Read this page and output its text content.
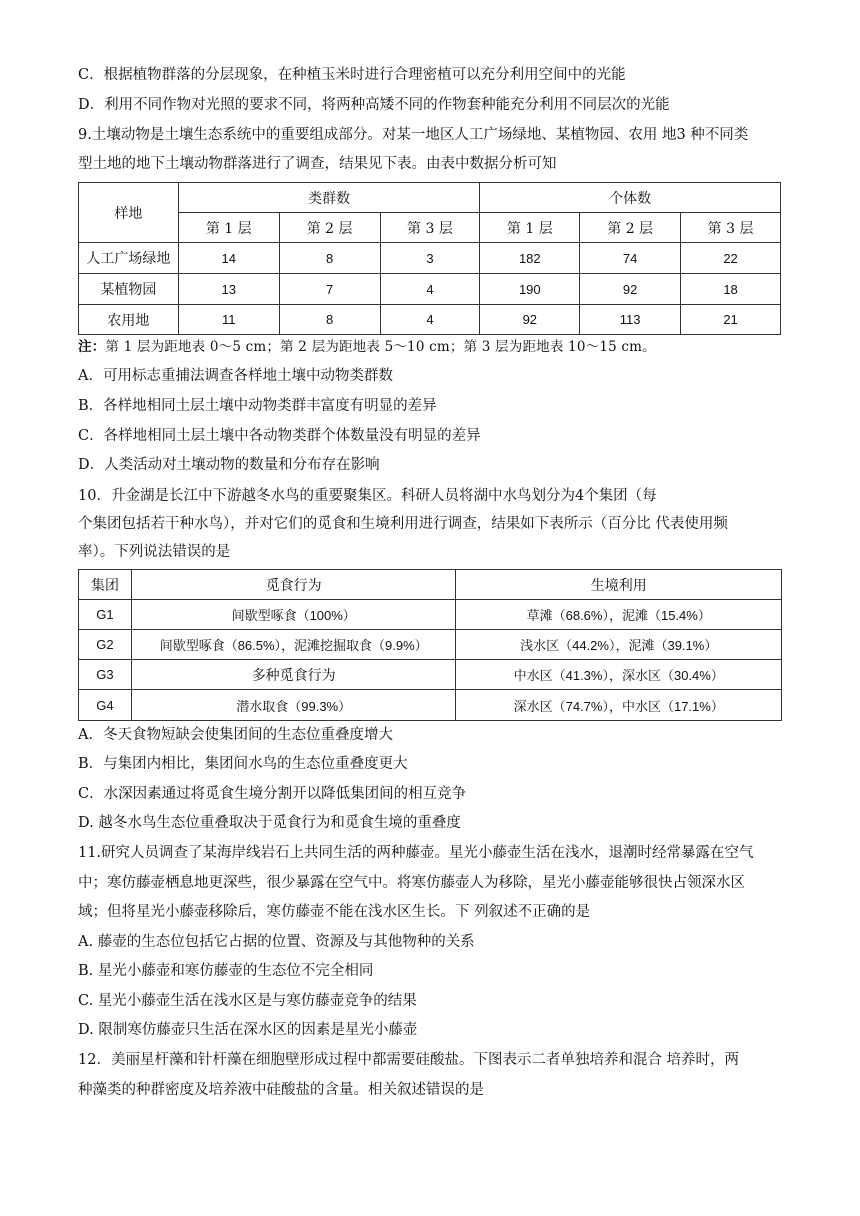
C．根据植物群落的分层现象，在种植玉米时进行合理密植可以充分利用空间中的光能
D．利用不同作物对光照的要求不同，将两种高矮不同的作物套种能充分利用不同层次的光能
9.土壤动物是土壤生态系统中的重要组成部分。对某一地区人工广场绿地、某植物园、农用 地3 种不同类
型土地的地下土壤动物群落进行了调查，结果见下表。由表中数据分析可知
样地	类群数			个体数		
	第 1 层	第 2 层	第 3 层	第 1 层	第 2 层	第 3 层
人工广场绿地	14	8	3	182	74	22
某植物园	13	7	4	190	92	18
农用地	11	8	4	92	113	21
注：第 1 层为距地表 0～5 cm；第 2 层为距地表 5～10 cm；第 3 层为距地表 10～15 cm。
A．可用标志重捕法调查各样地土壤中动物类群数
B．各样地相同土层土壤中动物类群丰富度有明显的差异
C．各样地相同土层土壤中各动物类群个体数量没有明显的差异
D．人类活动对土壤动物的数量和分布存在影响
10．升金湖是长江中下游越冬水鸟的重要聚集区。科研人员将湖中水鸟划分为4个集团（每
个集团包括若干种水鸟），并对它们的觅食和生境利用进行调查，结果如下表所示（百分比 代表使用频
率）。下列说法错误的是
集团	觅食行为	生境利用
G1	间歇型啄食（100%）	草滩（68.6%），泥滩（15.4%）
G2	间歇型啄食（86.5%），泥滩挖掘取食（9.9%）	浅水区（44.2%），泥滩（39.1%）
G3	多种觅食行为	中水区（41.3%），深水区（30.4%）
G4	潜水取食（99.3%）	深水区（74.7%），中水区（17.1%）
A．冬天食物短缺会使集团间的生态位重叠度增大
B．与集团内相比，集团间水鸟的生态位重叠度更大
C．水深因素通过将觅食生境分割开以降低集团间的相互竞争
D. 越冬水鸟生态位重叠取决于觅食行为和觅食生境的重叠度
11.研究人员调查了某海岸线岩石上共同生活的两种藤壶。星光小藤壶生活在浅水，退潮时经常暴露在空气
中；寒仿藤壶栖息地更深些，很少暴露在空气中。将寒仿藤壶人为移除，星光小藤壶能够很快占领深水区
域；但将星光小藤壶移除后，寒仿藤壶不能在浅水区生长。下 列叙述不正确的是
A. 藤壶的生态位包括它占据的位置、资源及与其他物种的关系
B. 星光小藤壶和寒仿藤壶的生态位不完全相同
C. 星光小藤壶生活在浅水区是与寒仿藤壶竞争的结果
D. 限制寒仿藤壶只生活在深水区的因素是星光小藤壶
12．美丽星杆藻和针杆藻在细胞壁形成过程中都需要硅酸盐。下图表示二者单独培养和混合 培养时，两
种藻类的种群密度及培养液中硅酸盐的含量。相关叙述错误的是
